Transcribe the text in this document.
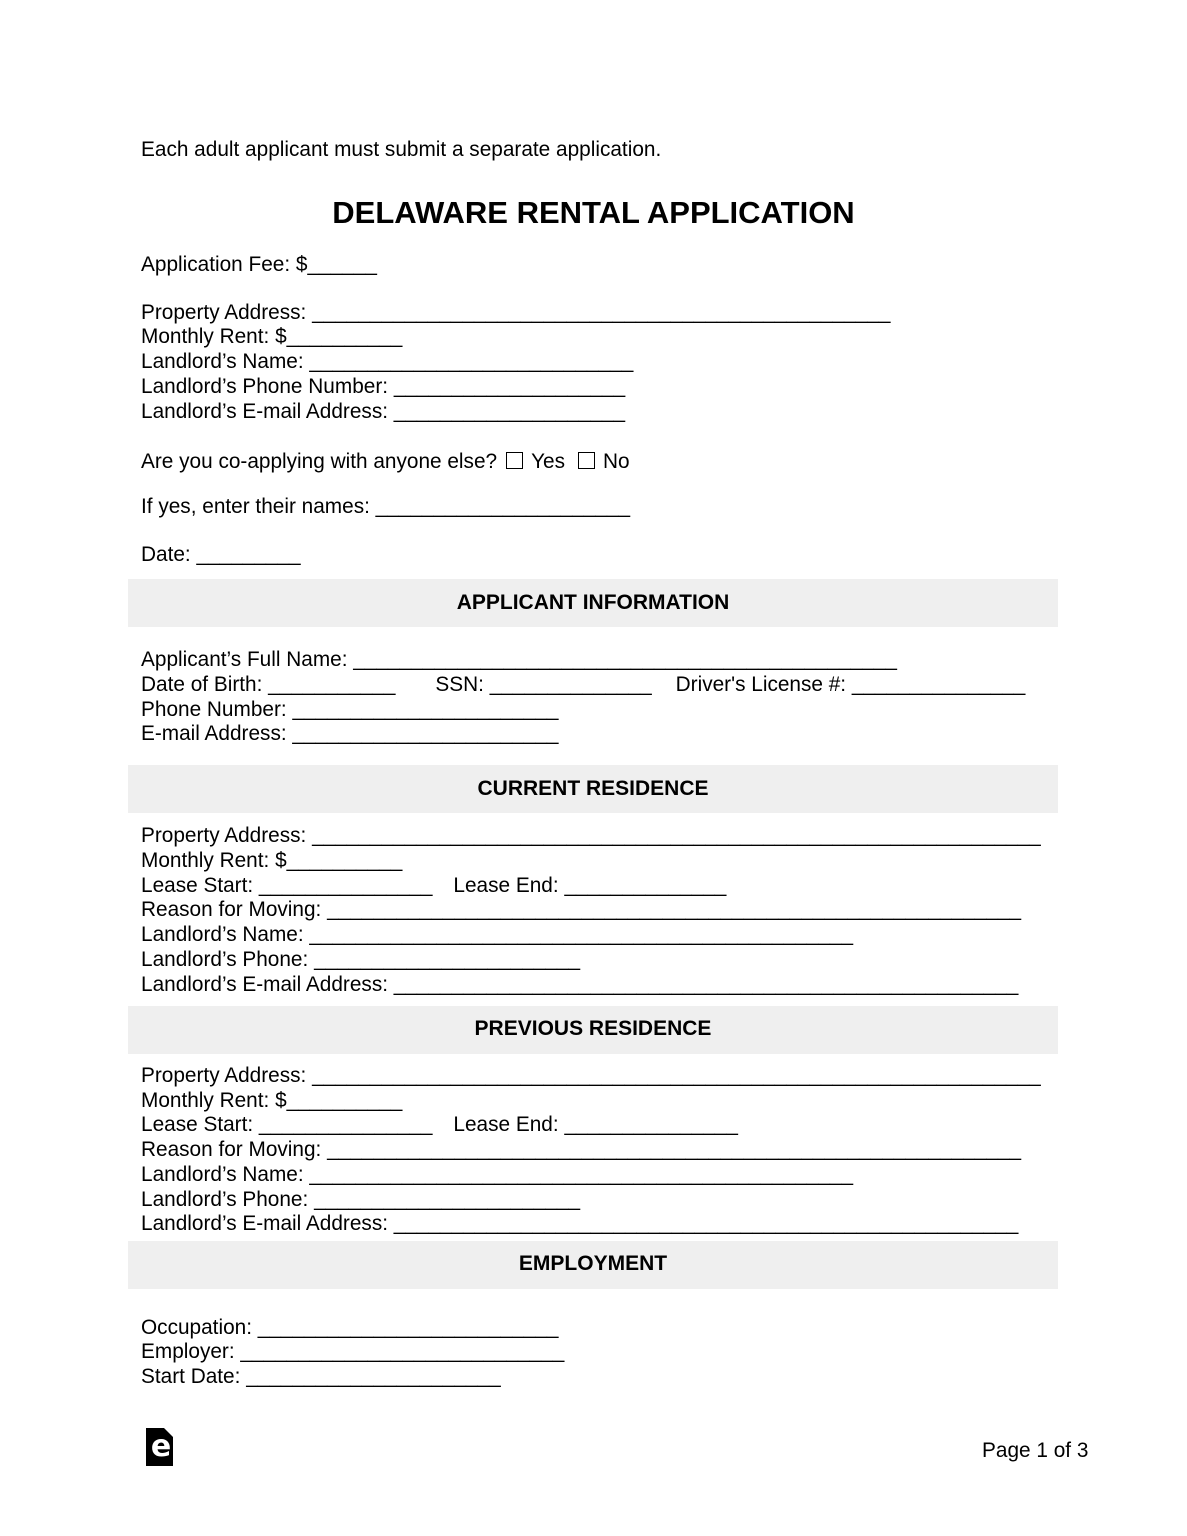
Each adult applicant must submit a separate application.
DELAWARE RENTAL APPLICATION
Application Fee: $______
Property Address: __________________________________________________
Monthly Rent: $__________
Landlord’s Name: ____________________________
Landlord’s Phone Number: ____________________
Landlord’s E-mail Address: ____________________
Are you co-applying with anyone else? Yes No
If yes, enter their names: ______________________
Date: _________
APPLICANT INFORMATION
Applicant’s Full Name: _______________________________________________
Date of Birth: ___________ SSN: ______________ Driver's License #: _______________
Phone Number: _______________________
E-mail Address: _______________________
CURRENT RESIDENCE
Property Address: _______________________________________________________________
Monthly Rent: $__________
Lease Start: _______________ Lease End: ______________
Reason for Moving: ____________________________________________________________
Landlord’s Name: _______________________________________________
Landlord’s Phone: _______________________
Landlord’s E-mail Address: ______________________________________________________
PREVIOUS RESIDENCE
Property Address: _______________________________________________________________
Monthly Rent: $__________
Lease Start: _______________ Lease End: _______________
Reason for Moving: ____________________________________________________________
Landlord’s Name: _______________________________________________
Landlord’s Phone: _______________________
Landlord’s E-mail Address: ______________________________________________________
EMPLOYMENT
Occupation: __________________________
Employer: ____________________________
Start Date: ______________________
e	Page 1 of 3
